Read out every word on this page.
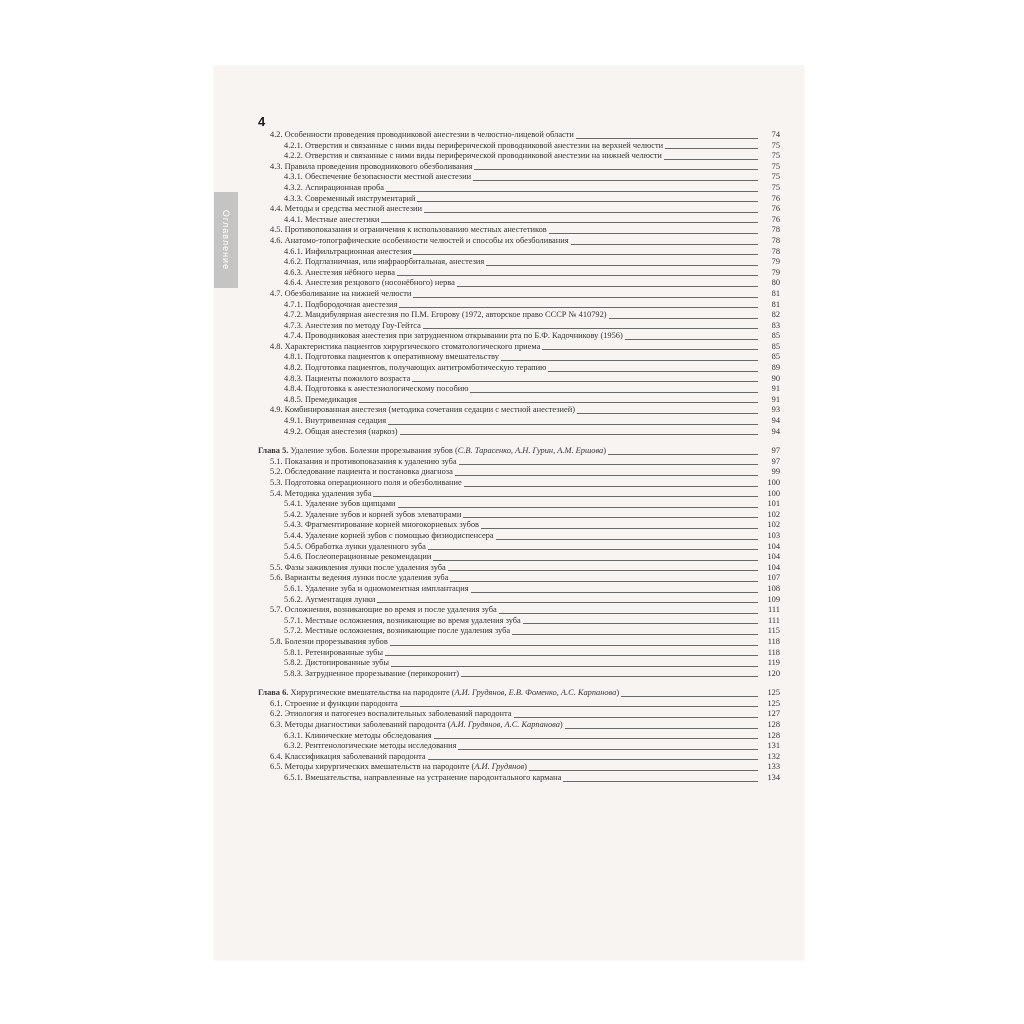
Оглавление
4
4.2. Особенности проведения проводниковой анестезии в челюстно-лицевой области	74
4.2.1. Отверстия и связанные с ними виды периферической проводниковой анестезии на верхней челюсти	75
4.2.2. Отверстия и связанные с ними виды периферической проводниковой анестезии на нижней челюсти	75
4.3. Правила проведения проводникового обезболивания	75
4.3.1. Обеспечение безопасности местной анестезии	75
4.3.2. Аспирационная проба	75
4.3.3. Современный инструментарий	76
4.4. Методы и средства местной анестезии	76
4.4.1. Местные анестетики	76
4.5. Противопоказания и ограничения к использованию местных анестетиков	78
4.6. Анатомо-топографические особенности челюстей и способы их обезболивания	78
4.6.1. Инфильтрационная анестезия	78
4.6.2. Подглазничная, или инфраорбитальная, анестезия	79
4.6.3. Анестезия нёбного нерва	79
4.6.4. Анестезия резцового (носонёбного) нерва	80
4.7. Обезболивание на нижней челюсти	81
4.7.1. Подбородочная анестезия	81
4.7.2. Мандибулярная анестезия по П.М. Егорову (1972, авторское право СССР № 410792)	82
4.7.3. Анестезия по методу Гоу-Гейтса	83
4.7.4. Проводниковая анестезия при затрудненном открывании рта по Б.Ф. Кадочникову (1956)	85
4.8. Характеристика пациентов хирургического стоматологического приема	85
4.8.1. Подготовка пациентов к оперативному вмешательству	85
4.8.2. Подготовка пациентов, получающих антитромботическую терапию	89
4.8.3. Пациенты пожилого возраста	90
4.8.4. Подготовка к анестезиологическому пособию	91
4.8.5. Премедикация	91
4.9. Комбинированная анестезия (методика сочетания седации с местной анестезией)	93
4.9.1. Внутривенная седация	94
4.9.2. Общая анестезия (наркоз)	94
Глава 5. Удаление зубов. Болезни прорезывания зубов (С.В. Тарасенко, А.Н. Гурин, А.М. Ершова)	97
5.1. Показания и противопоказания к удалению зуба	97
5.2. Обследование пациента и постановка диагноза	99
5.3. Подготовка операционного поля и обезболивание	100
5.4. Методика удаления зуба	100
5.4.1. Удаление зубов щипцами	101
5.4.2. Удаление зубов и корней зубов элеваторами	102
5.4.3. Фрагментирование корней многокорневых зубов	102
5.4.4. Удаление корней зубов с помощью физиодиспенсера	103
5.4.5. Обработка лунки удаленного зуба	104
5.4.6. Послеоперационные рекомендации	104
5.5. Фазы заживления лунки после удаления зуба	104
5.6. Варианты ведения лунки после удаления зуба	107
5.6.1. Удаление зуба и одномоментная имплантация	108
5.6.2. Аугментация лунки	109
5.7. Осложнения, возникающие во время и после удаления зуба	111
5.7.1. Местные осложнения, возникающие во время удаления зуба	111
5.7.2. Местные осложнения, возникающие после удаления зуба	115
5.8. Болезни прорезывания зубов	118
5.8.1. Ретенированные зубы	118
5.8.2. Дистопированные зубы	119
5.8.3. Затрудненное прорезывание (перикоронит)	120
Глава 6. Хирургические вмешательства на пародонте (А.И. Грудянов, Е.В. Фоменко, А.С. Карпанова)	125
6.1. Строение и функции пародонта	125
6.2. Этиология и патогенез воспалительных заболеваний пародонта	127
6.3. Методы диагностики заболеваний пародонта (А.И. Грудянов, А.С. Карпанова)	128
6.3.1. Клинические методы обследования	128
6.3.2. Рентгенологические методы исследования	131
6.4. Классификация заболеваний пародонта	132
6.5. Методы хирургических вмешательств на пародонте (А.И. Грудянов)	133
6.5.1. Вмешательства, направленные на устранение пародонтального кармана	134
